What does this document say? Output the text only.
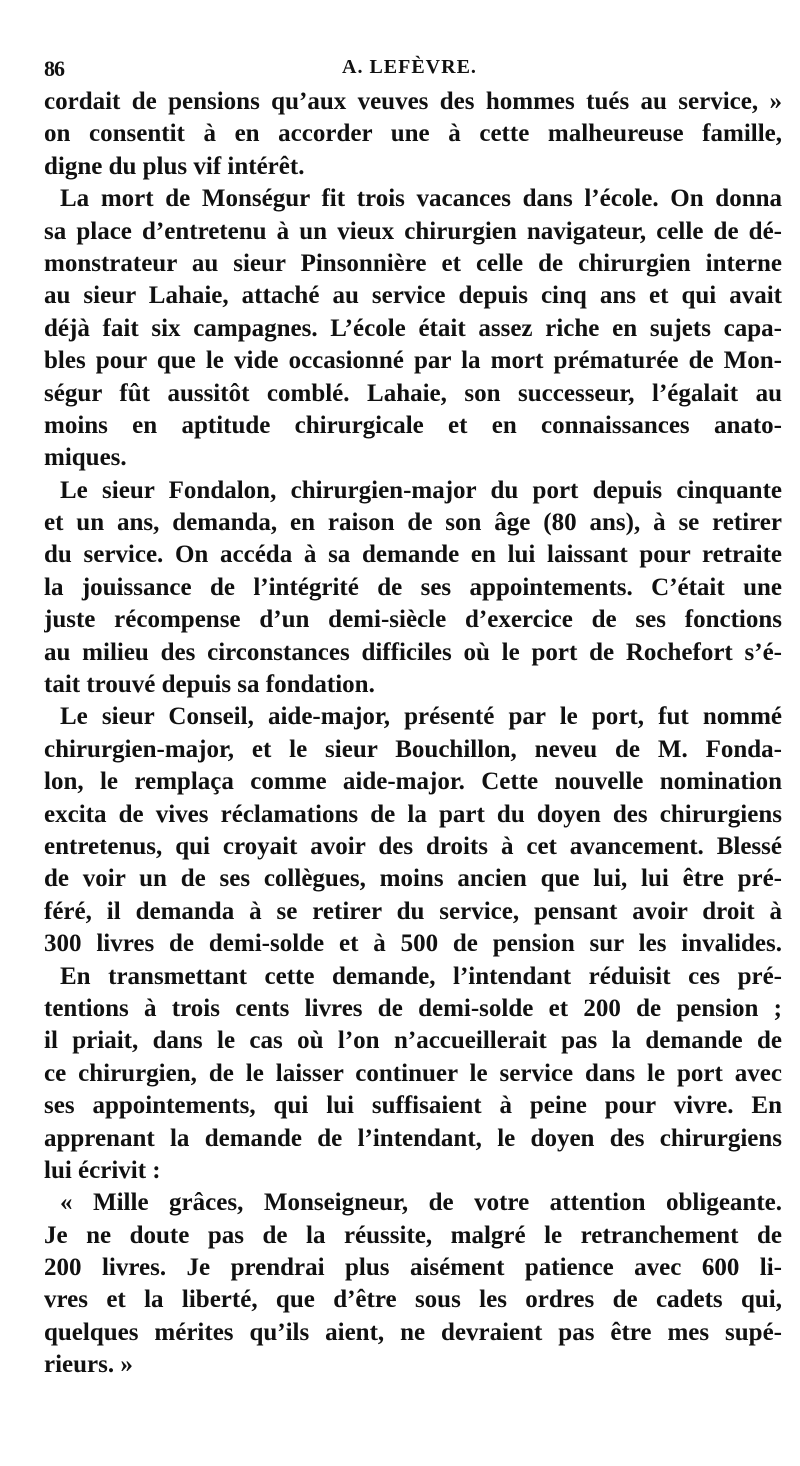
86	A. LEFÈVRE.
cordait de pensions qu’aux veuves des hommes tués au service, »
on consentit à en accorder une à cette malheureuse famille,
digne du plus vif intérêt.
La mort de Monségur fit trois vacances dans l’école. On donna
sa place d’entretenu à un vieux chirurgien navigateur, celle de dé-
monstrateur au sieur Pinsonnière et celle de chirurgien interne
au sieur Lahaie, attaché au service depuis cinq ans et qui avait
déjà fait six campagnes. L’école était assez riche en sujets capa-
bles pour que le vide occasionné par la mort prématurée de Mon-
ségur fût aussitôt comblé. Lahaie, son successeur, l’égalait au
moins en aptitude chirurgicale et en connaissances anato-
miques.
Le sieur Fondalon, chirurgien-major du port depuis cinquante
et un ans, demanda, en raison de son âge (80 ans), à se retirer
du service. On accéda à sa demande en lui laissant pour retraite
la jouissance de l’intégrité de ses appointements. C’était une
juste récompense d’un demi-siècle d’exercice de ses fonctions
au milieu des circonstances difficiles où le port de Rochefort s’é-
tait trouvé depuis sa fondation.
Le sieur Conseil, aide-major, présenté par le port, fut nommé
chirurgien-major, et le sieur Bouchillon, neveu de M. Fonda-
lon, le remplaça comme aide-major. Cette nouvelle nomination
excita de vives réclamations de la part du doyen des chirurgiens
entretenus, qui croyait avoir des droits à cet avancement. Blessé
de voir un de ses collègues, moins ancien que lui, lui être pré-
féré, il demanda à se retirer du service, pensant avoir droit à
300 livres de demi-solde et à 500 de pension sur les invalides.
En transmettant cette demande, l’intendant réduisit ces pré-
tentions à trois cents livres de demi-solde et 200 de pension ;
il priait, dans le cas où l’on n’accueillerait pas la demande de
ce chirurgien, de le laisser continuer le service dans le port avec
ses appointements, qui lui suffisaient à peine pour vivre. En
apprenant la demande de l’intendant, le doyen des chirurgiens
lui écrivit :
« Mille grâces, Monseigneur, de votre attention obligeante.
Je ne doute pas de la réussite, malgré le retranchement de
200 livres. Je prendrai plus aisément patience avec 600 li-
vres et la liberté, que d’être sous les ordres de cadets qui,
quelques mérites qu’ils aient, ne devraient pas être mes supé-
rieurs. »
